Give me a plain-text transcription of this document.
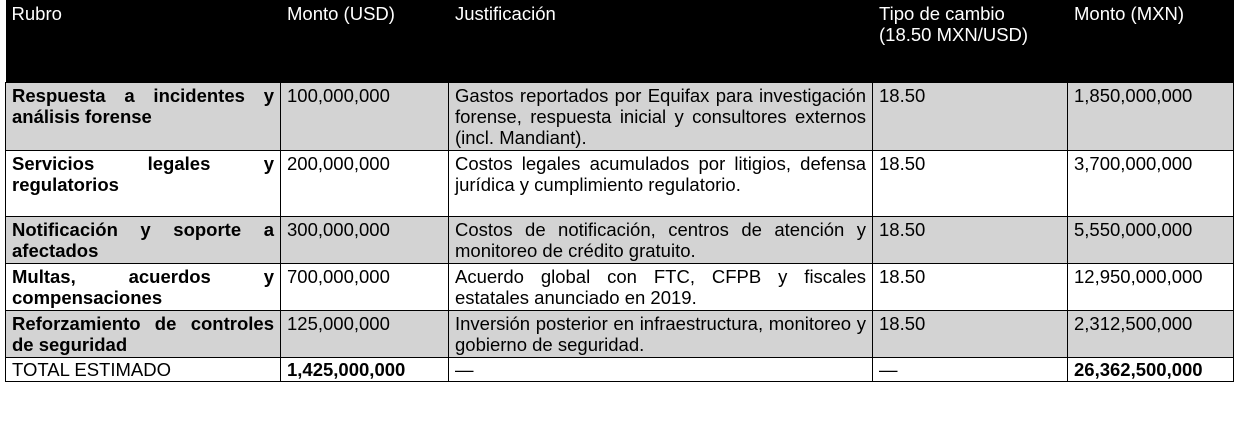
Rubro	Monto (USD)	Justificación	Tipo de cambio (18.50 MXN/USD)	Monto (MXN)
Respuesta a incidentes y análisis forense	100,000,000	Gastos reportados por Equifax para investigación forense, respuesta inicial y consultores externos (incl. Mandiant).	18.50	1,850,000,000
Servicios legales y regulatorios	200,000,000	Costos legales acumulados por litigios, defensa jurídica y cumplimiento regulatorio.	18.50	3,700,000,000
Notificación y soporte a afectados	300,000,000	Costos de notificación, centros de atención y monitoreo de crédito gratuito.	18.50	5,550,000,000
Multas, acuerdos y compensaciones	700,000,000	Acuerdo global con FTC, CFPB y fiscales estatales anunciado en 2019.	18.50	12,950,000,000
Reforzamiento de controles de seguridad	125,000,000	Inversión posterior en infraestructura, monitoreo y gobierno de seguridad.	18.50	2,312,500,000
TOTAL ESTIMADO	1,425,000,000	—	—	26,362,500,000
